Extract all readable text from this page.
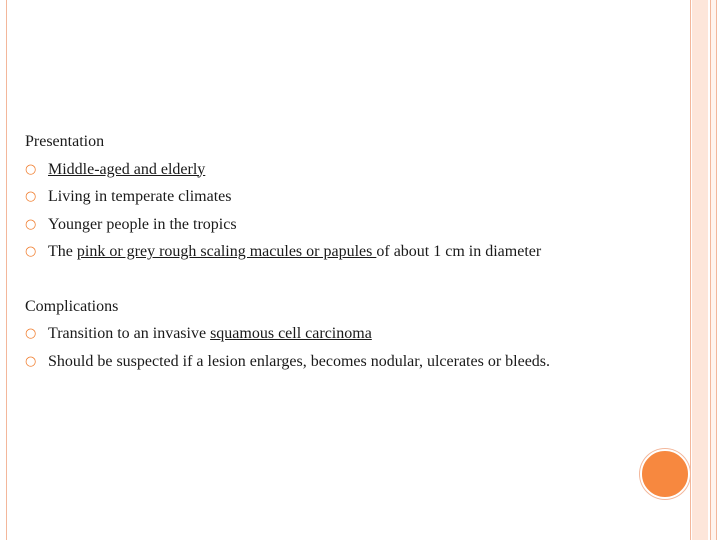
Presentation

○ Middle-aged and elderly
○ Living in temperate climates
○ Younger people in the tropics
○ The pink or grey rough scaling macules or papules of about 1 cm in diameter

Complications

○ Transition to an invasive squamous cell carcinoma
○ Should be suspected if a lesion enlarges, becomes nodular, ulcerates or bleeds.
